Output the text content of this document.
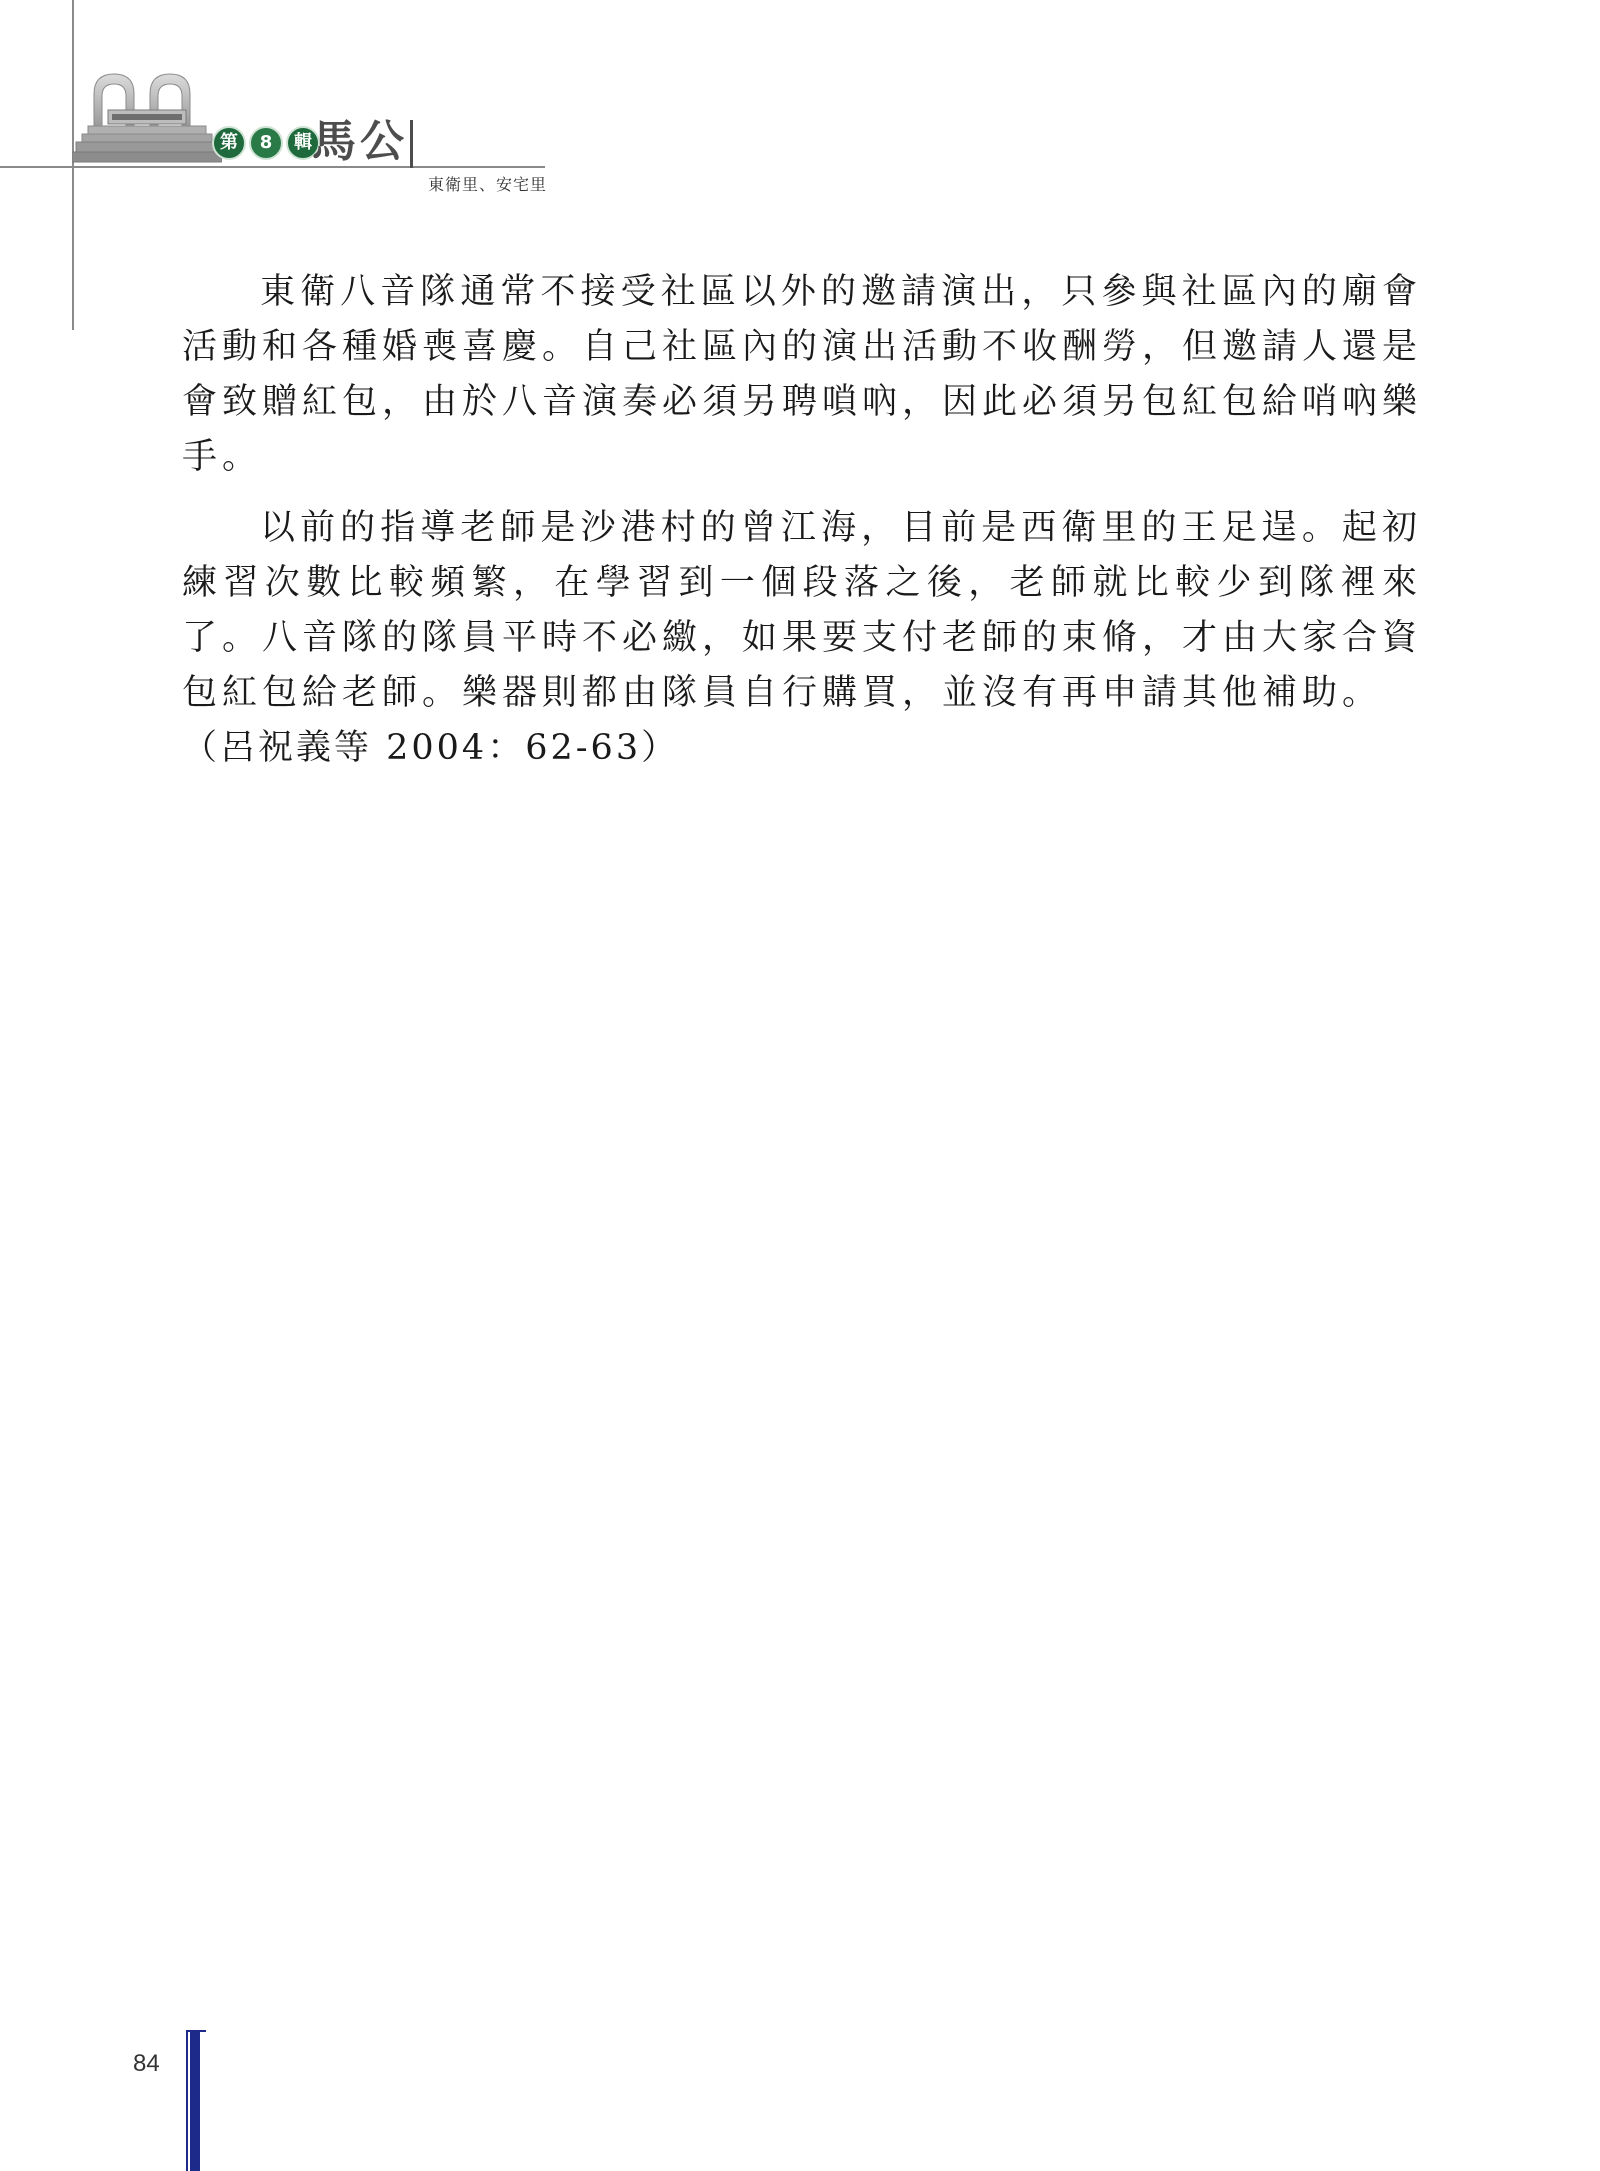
第	8	輯 馬公
東衛里、安宅里

東衛八音隊通常不接受社區以外的邀請演出，只參與社區內的廟會活動和各種婚喪喜慶。自己社區內的演出活動不收酬勞，但邀請人還是會致贈紅包，由於八音演奏必須另聘嗩吶，因此必須另包紅包給哨吶樂手。

以前的指導老師是沙港村的曾江海，目前是西衛里的王足逞。起初練習次數比較頻繁，在學習到一個段落之後，老師就比較少到隊裡來了。八音隊的隊員平時不必繳，如果要支付老師的束脩，才由大家合資包紅包給老師。樂器則都由隊員自行購買，並沒有再申請其他補助。

（呂祝義等 2004：62-63）

84
